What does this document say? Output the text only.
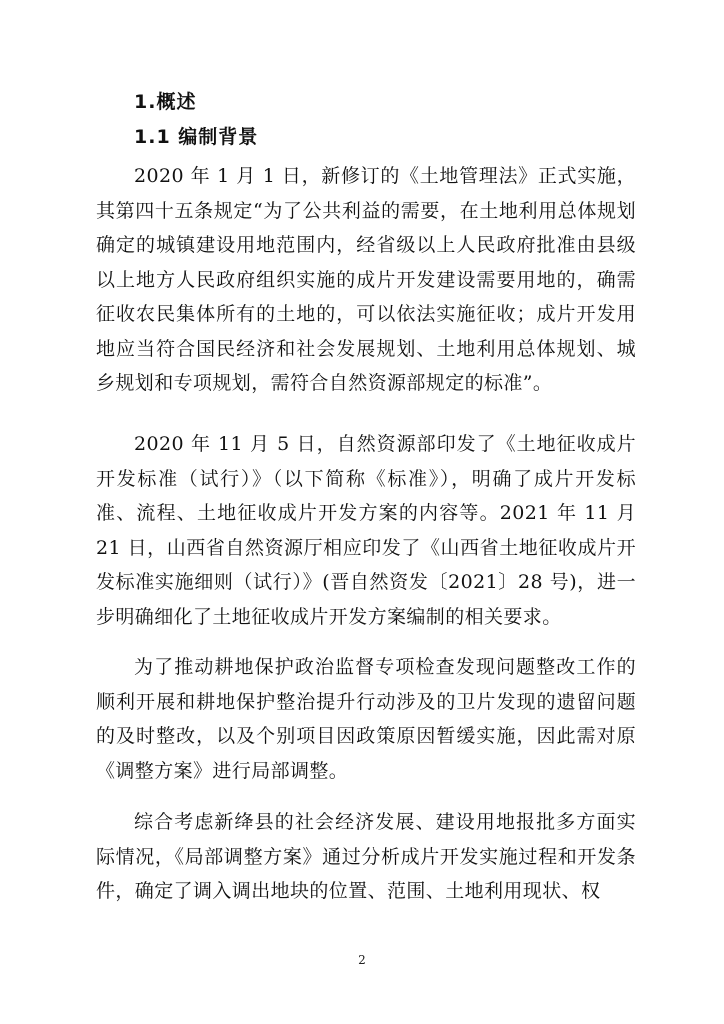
1.概述
1.1 编制背景
2020 年 1 月 1 日，新修订的《土地管理法》正式实施，其第四十五条规定“为了公共利益的需要，在土地利用总体规划确定的城镇建设用地范围内，经省级以上人民政府批准由县级以上地方人民政府组织实施的成片开发建设需要用地的，确需征收农民集体所有的土地的，可以依法实施征收；成片开发用地应当符合国民经济和社会发展规划、土地利用总体规划、城乡规划和专项规划，需符合自然资源部规定的标准”。
2020 年 11 月 5 日，自然资源部印发了《土地征收成片开发标准（试行）》（以下简称《标准》），明确了成片开发标准、流程、土地征收成片开发方案的内容等。2021 年 11 月 21 日，山西省自然资源厅相应印发了《山西省土地征收成片开发标准实施细则（试行）》(晋自然资发〔2021〕28 号)，进一步明确细化了土地征收成片开发方案编制的相关要求。
为了推动耕地保护政治监督专项检查发现问题整改工作的顺利开展和耕地保护整治提升行动涉及的卫片发现的遗留问题的及时整改，以及个别项目因政策原因暂缓实施，因此需对原《调整方案》进行局部调整。
综合考虑新绛县的社会经济发展、建设用地报批多方面实际情况，《局部调整方案》通过分析成片开发实施过程和开发条件，确定了调入调出地块的位置、范围、土地利用现状、权
2
